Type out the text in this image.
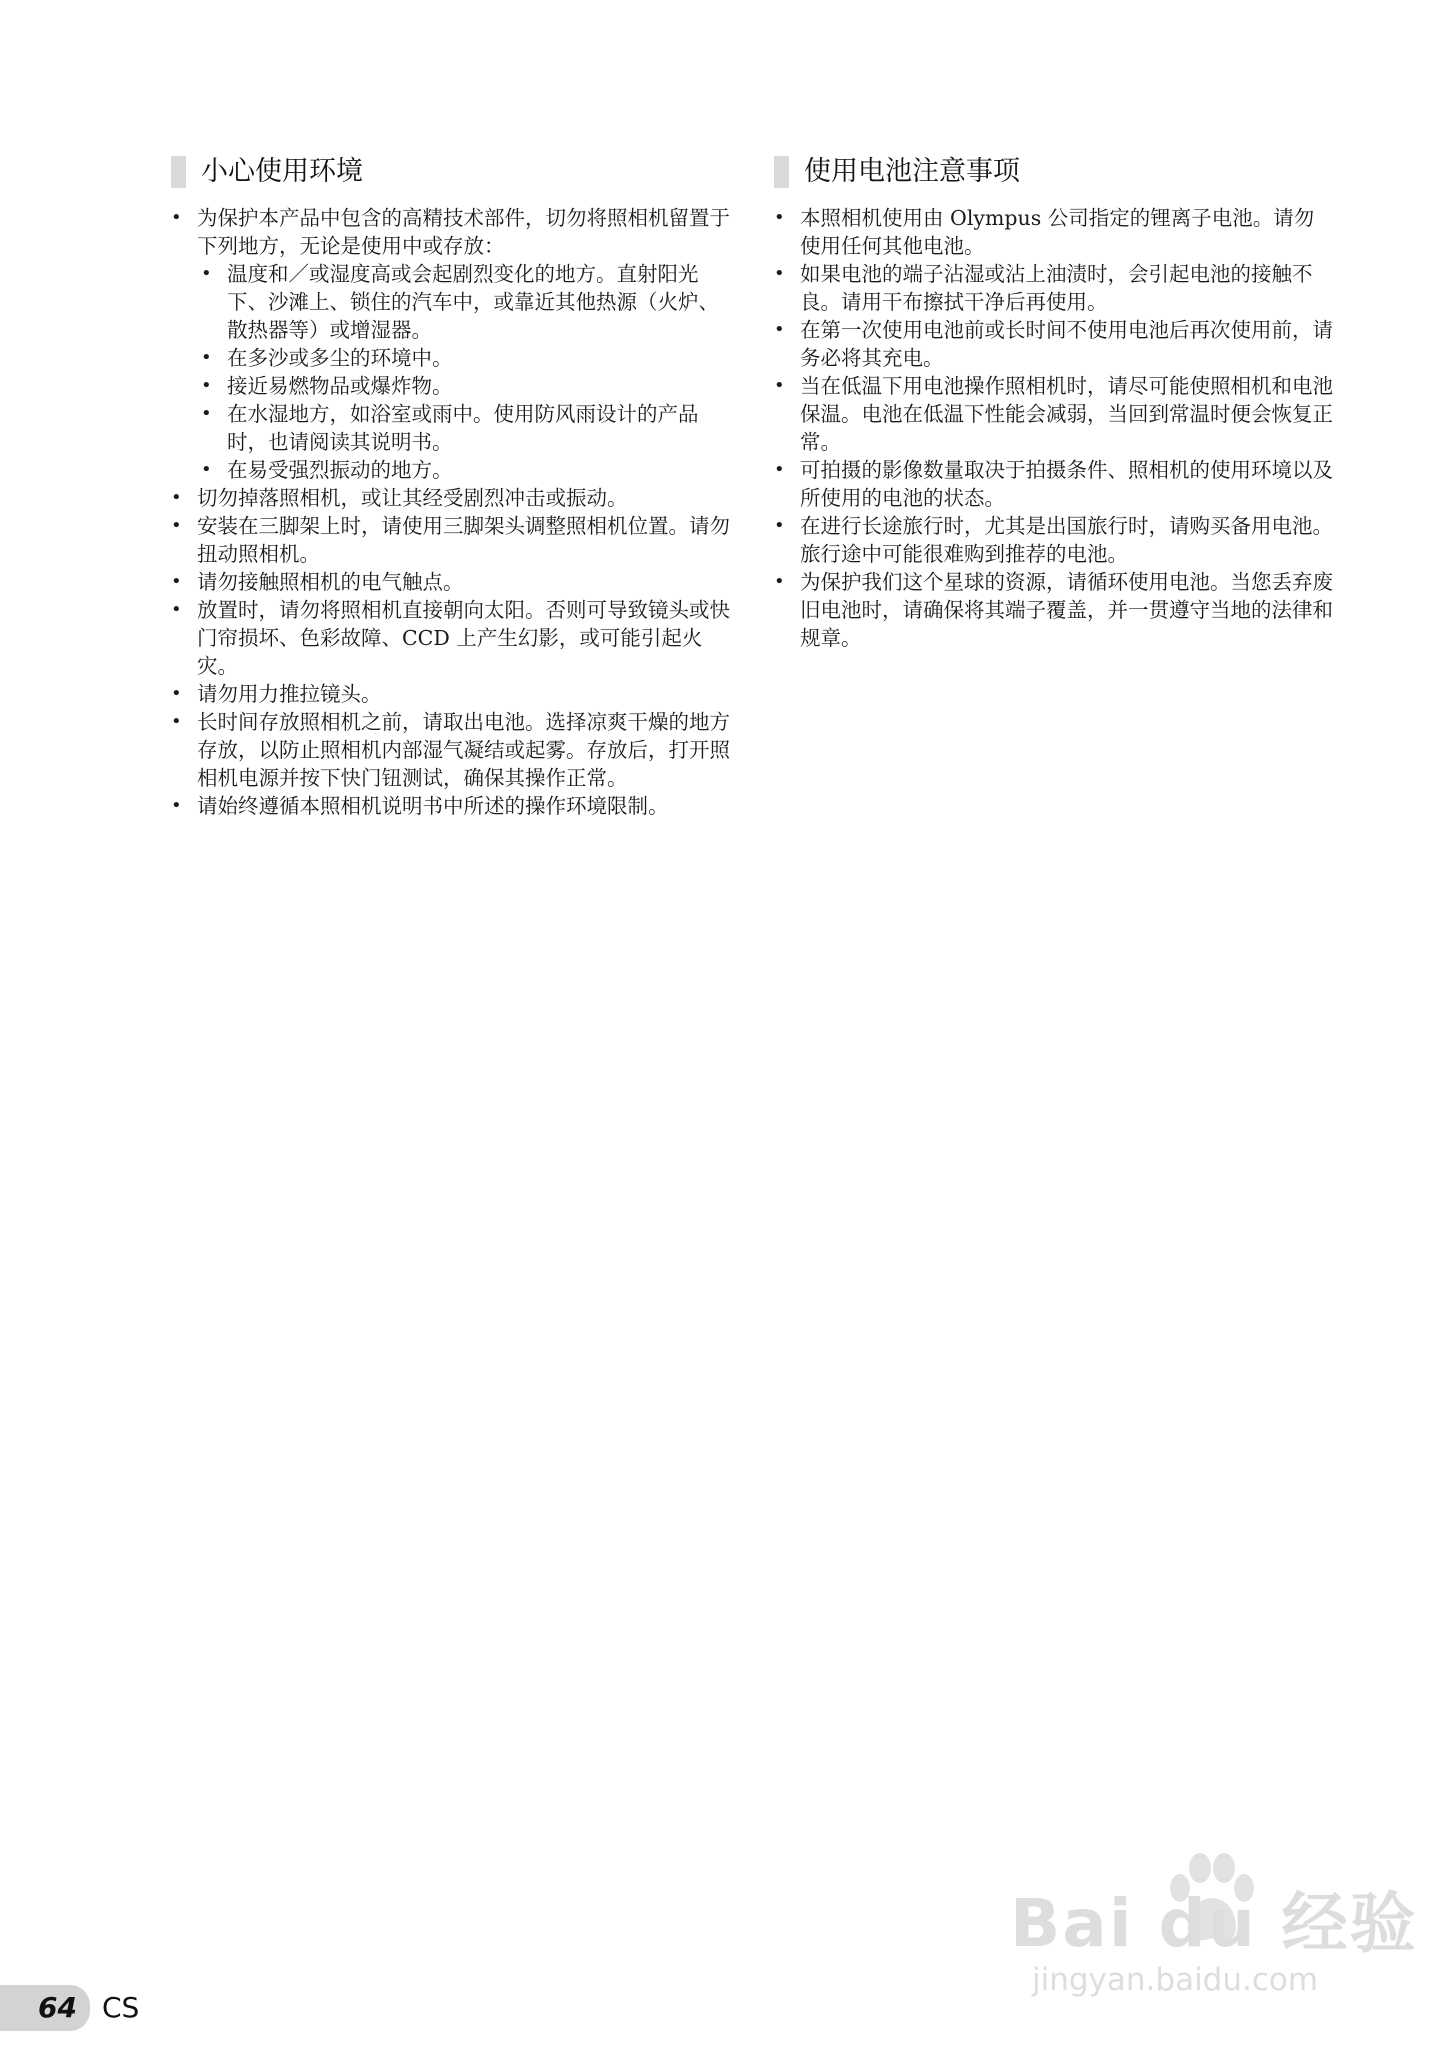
小心使用环境
• 为保护本产品中包含的高精技术部件，切勿将照相机留置于下列地方，无论是使用中或存放：
• 温度和／或湿度高或会起剧烈变化的地方。直射阳光下、沙滩上、锁住的汽车中，或靠近其他热源（火炉、散热器等）或增湿器。
• 在多沙或多尘的环境中。
• 接近易燃物品或爆炸物。
• 在水湿地方，如浴室或雨中。使用防风雨设计的产品时，也请阅读其说明书。
• 在易受强烈振动的地方。
• 切勿掉落照相机，或让其经受剧烈冲击或振动。
• 安装在三脚架上时，请使用三脚架头调整照相机位置。请勿扭动照相机。
• 请勿接触照相机的电气触点。
• 放置时，请勿将照相机直接朝向太阳。否则可导致镜头或快门帘损坏、色彩故障、CCD 上产生幻影，或可能引起火灾。
• 请勿用力推拉镜头。
• 长时间存放照相机之前，请取出电池。选择凉爽干燥的地方存放，以防止照相机内部湿气凝结或起雾。存放后，打开照相机电源并按下快门钮测试，确保其操作正常。
• 请始终遵循本照相机说明书中所述的操作环境限制。
使用电池注意事项
• 本照相机使用由 Olympus 公司指定的锂离子电池。请勿使用任何其他电池。
• 如果电池的端子沾湿或沾上油渍时，会引起电池的接触不良。请用干布擦拭干净后再使用。
• 在第一次使用电池前或长时间不使用电池后再次使用前，请务必将其充电。
• 当在低温下用电池操作照相机时，请尽可能使照相机和电池保温。电池在低温下性能会减弱，当回到常温时便会恢复正常。
• 可拍摄的影像数量取决于拍摄条件、照相机的使用环境以及所使用的电池的状态。
• 在进行长途旅行时，尤其是出国旅行时，请购买备用电池。旅行途中可能很难购到推荐的电池。
• 为保护我们这个星球的资源，请循环使用电池。当您丢弃废旧电池时，请确保将其端子覆盖，并一贯遵守当地的法律和规章。
64 CS
Bai du 经验
jingyan.baidu.com
